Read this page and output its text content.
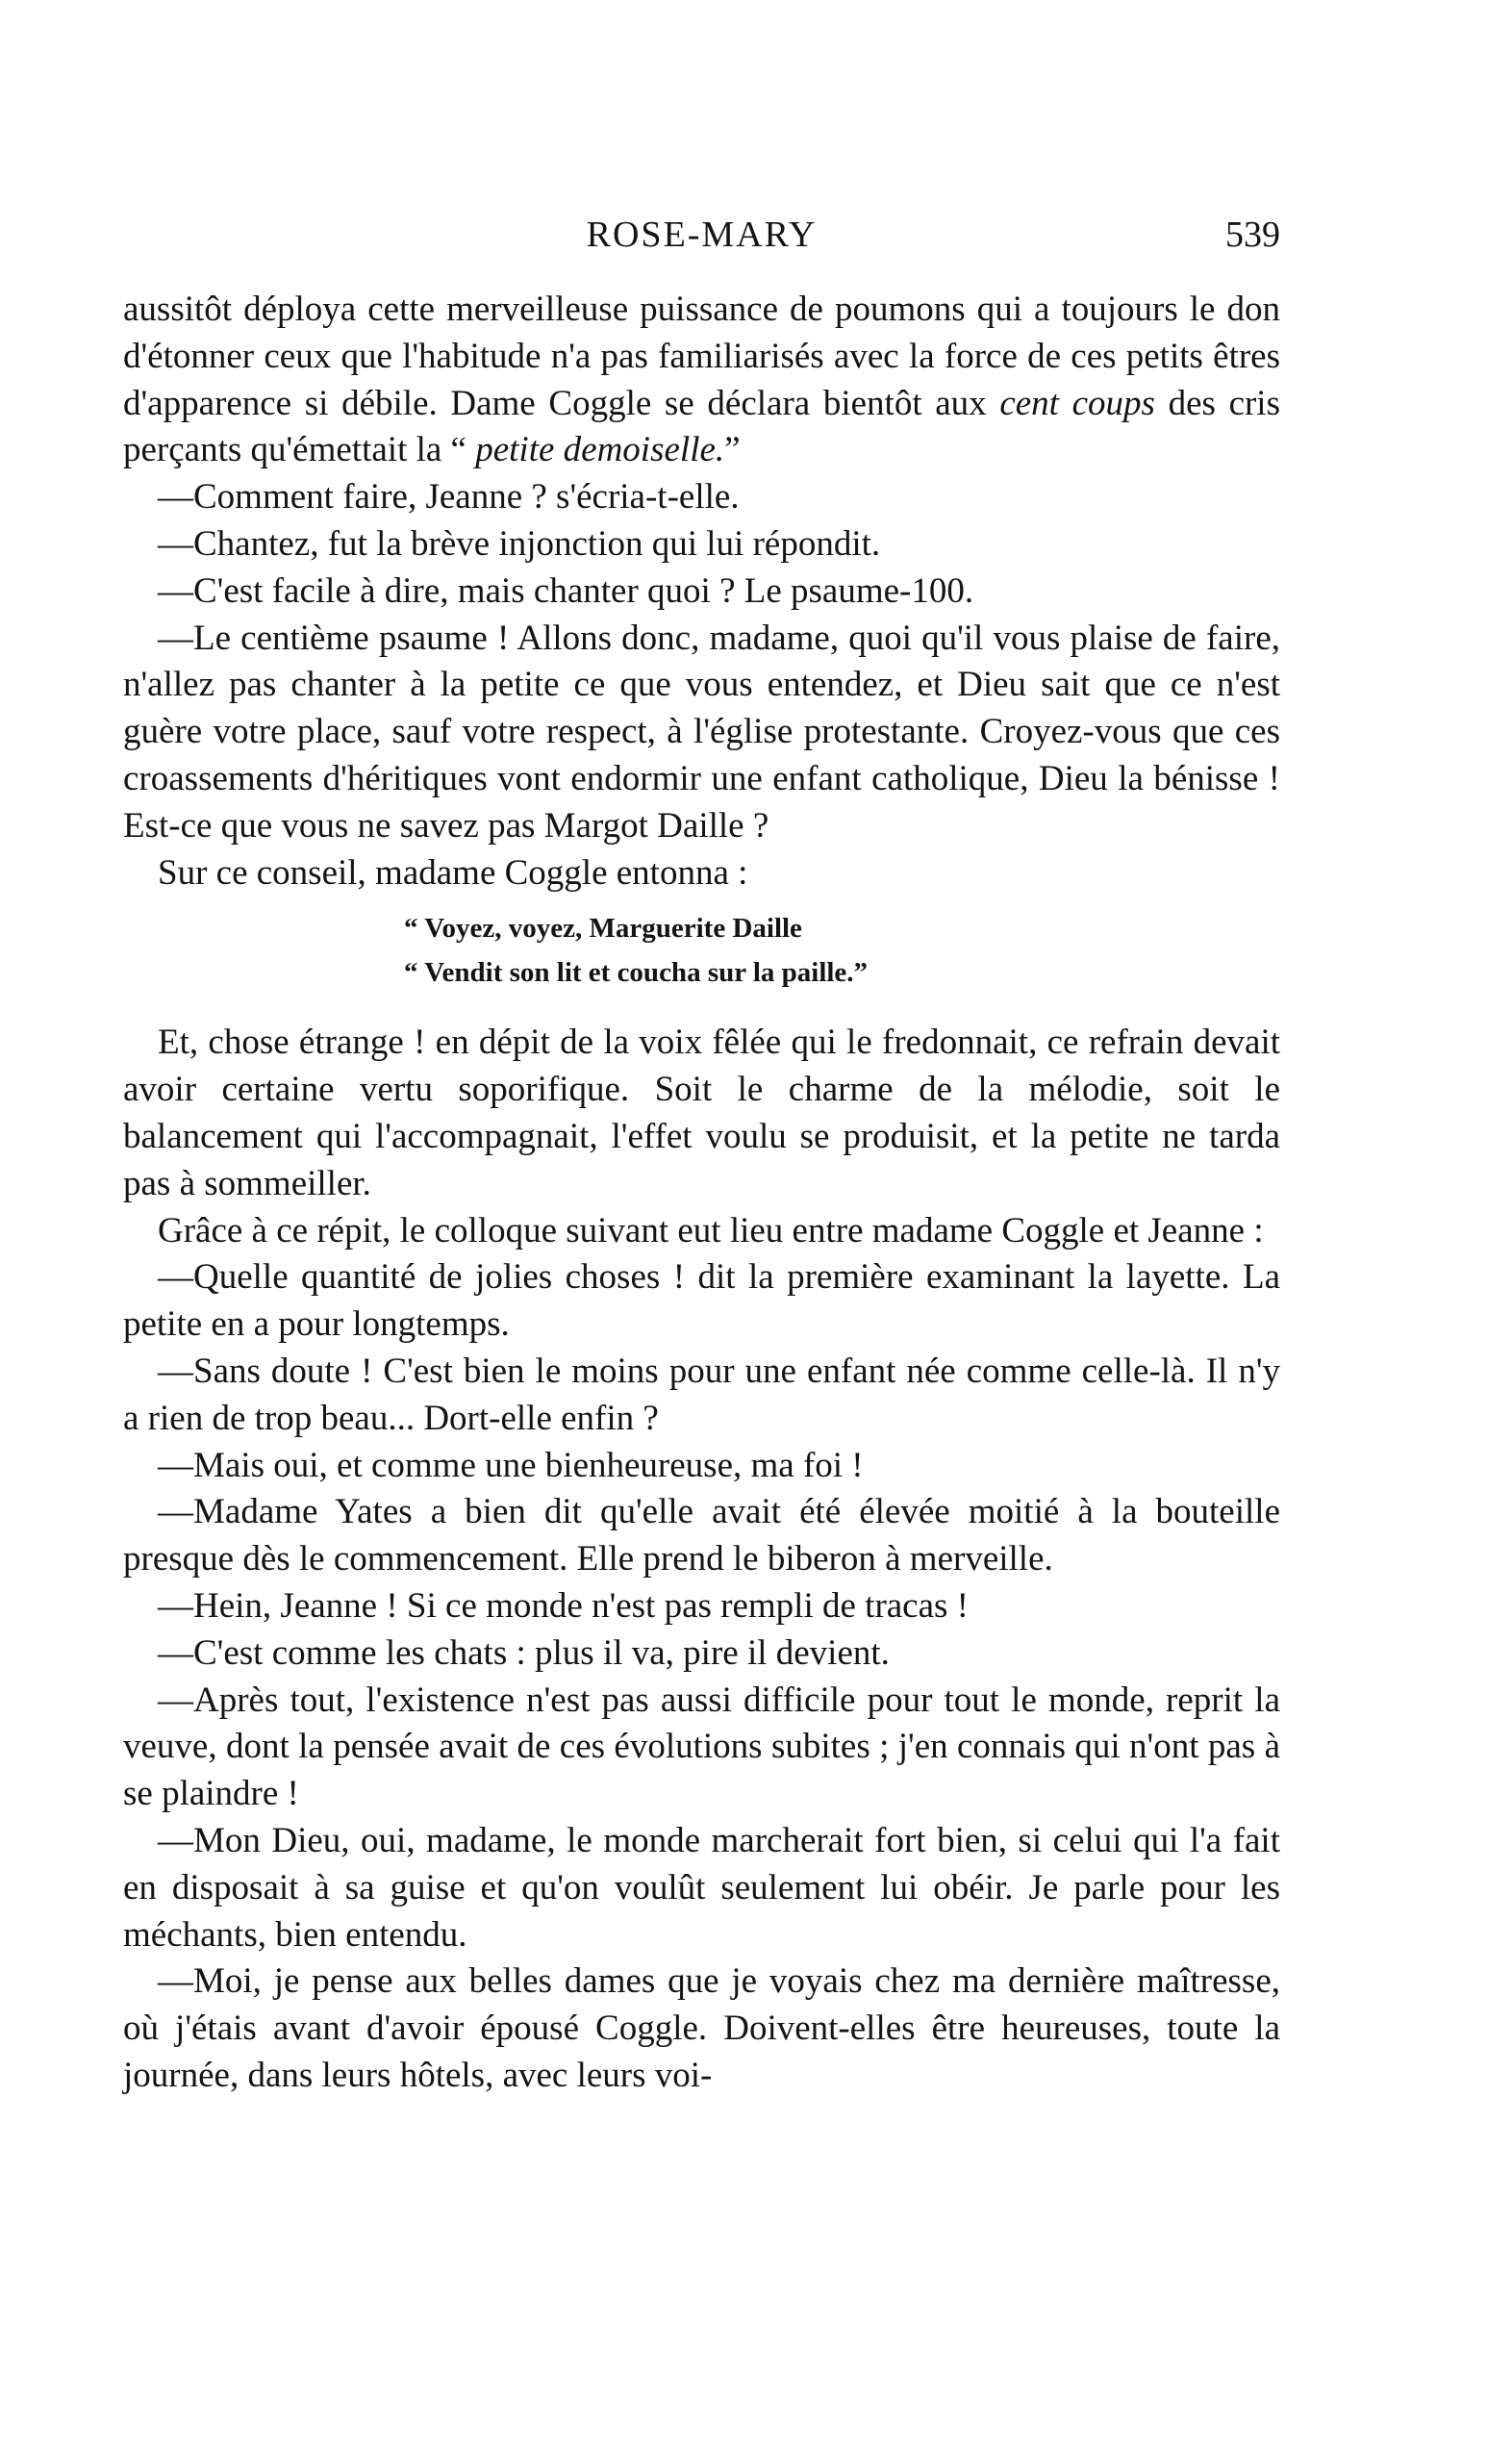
ROSE-MARY	539

aussitôt déploya cette merveilleuse puissance de poumons qui a toujours le don d'étonner ceux que l'habitude n'a pas familiarisés avec la force de ces petits êtres d'apparence si débile. Dame Coggle se déclara bientôt aux cent coups des cris perçants qu'émettait la “ petite demoiselle.”

—Comment faire, Jeanne ? s'écria-t-elle.

—Chantez, fut la brève injonction qui lui répondit.

—C'est facile à dire, mais chanter quoi ? Le psaume-100.

—Le centième psaume ! Allons donc, madame, quoi qu'il vous plaise de faire, n'allez pas chanter à la petite ce que vous entendez, et Dieu sait que ce n'est guère votre place, sauf votre respect, à l'église protestante. Croyez-vous que ces croassements d'héritiques vont endormir une enfant catholique, Dieu la bénisse ! Est-ce que vous ne savez pas Margot Daille ?

Sur ce conseil, madame Coggle entonna :

“ Voyez, voyez, Marguerite Daille
“ Vendit son lit et coucha sur la paille.”

Et, chose étrange ! en dépit de la voix fêlée qui le fredonnait, ce refrain devait avoir certaine vertu soporifique. Soit le charme de la mélodie, soit le balancement qui l'accompagnait, l'effet voulu se produisit, et la petite ne tarda pas à sommeiller.

Grâce à ce répit, le colloque suivant eut lieu entre madame Coggle et Jeanne :

—Quelle quantité de jolies choses ! dit la première examinant la layette. La petite en a pour longtemps.

—Sans doute ! C'est bien le moins pour une enfant née comme celle-là. Il n'y a rien de trop beau... Dort-elle enfin ?

—Mais oui, et comme une bienheureuse, ma foi !

—Madame Yates a bien dit qu'elle avait été élevée moitié à la bouteille presque dès le commencement. Elle prend le biberon à merveille.

—Hein, Jeanne ! Si ce monde n'est pas rempli de tracas !

—C'est comme les chats : plus il va, pire il devient.

—Après tout, l'existence n'est pas aussi difficile pour tout le monde, reprit la veuve, dont la pensée avait de ces évolutions subites ; j'en connais qui n'ont pas à se plaindre !

—Mon Dieu, oui, madame, le monde marcherait fort bien, si celui qui l'a fait en disposait à sa guise et qu'on voulût seulement lui obéir. Je parle pour les méchants, bien entendu.

—Moi, je pense aux belles dames que je voyais chez ma dernière maîtresse, où j'étais avant d'avoir épousé Coggle. Doivent-elles être heureuses, toute la journée, dans leurs hôtels, avec leurs voi-
